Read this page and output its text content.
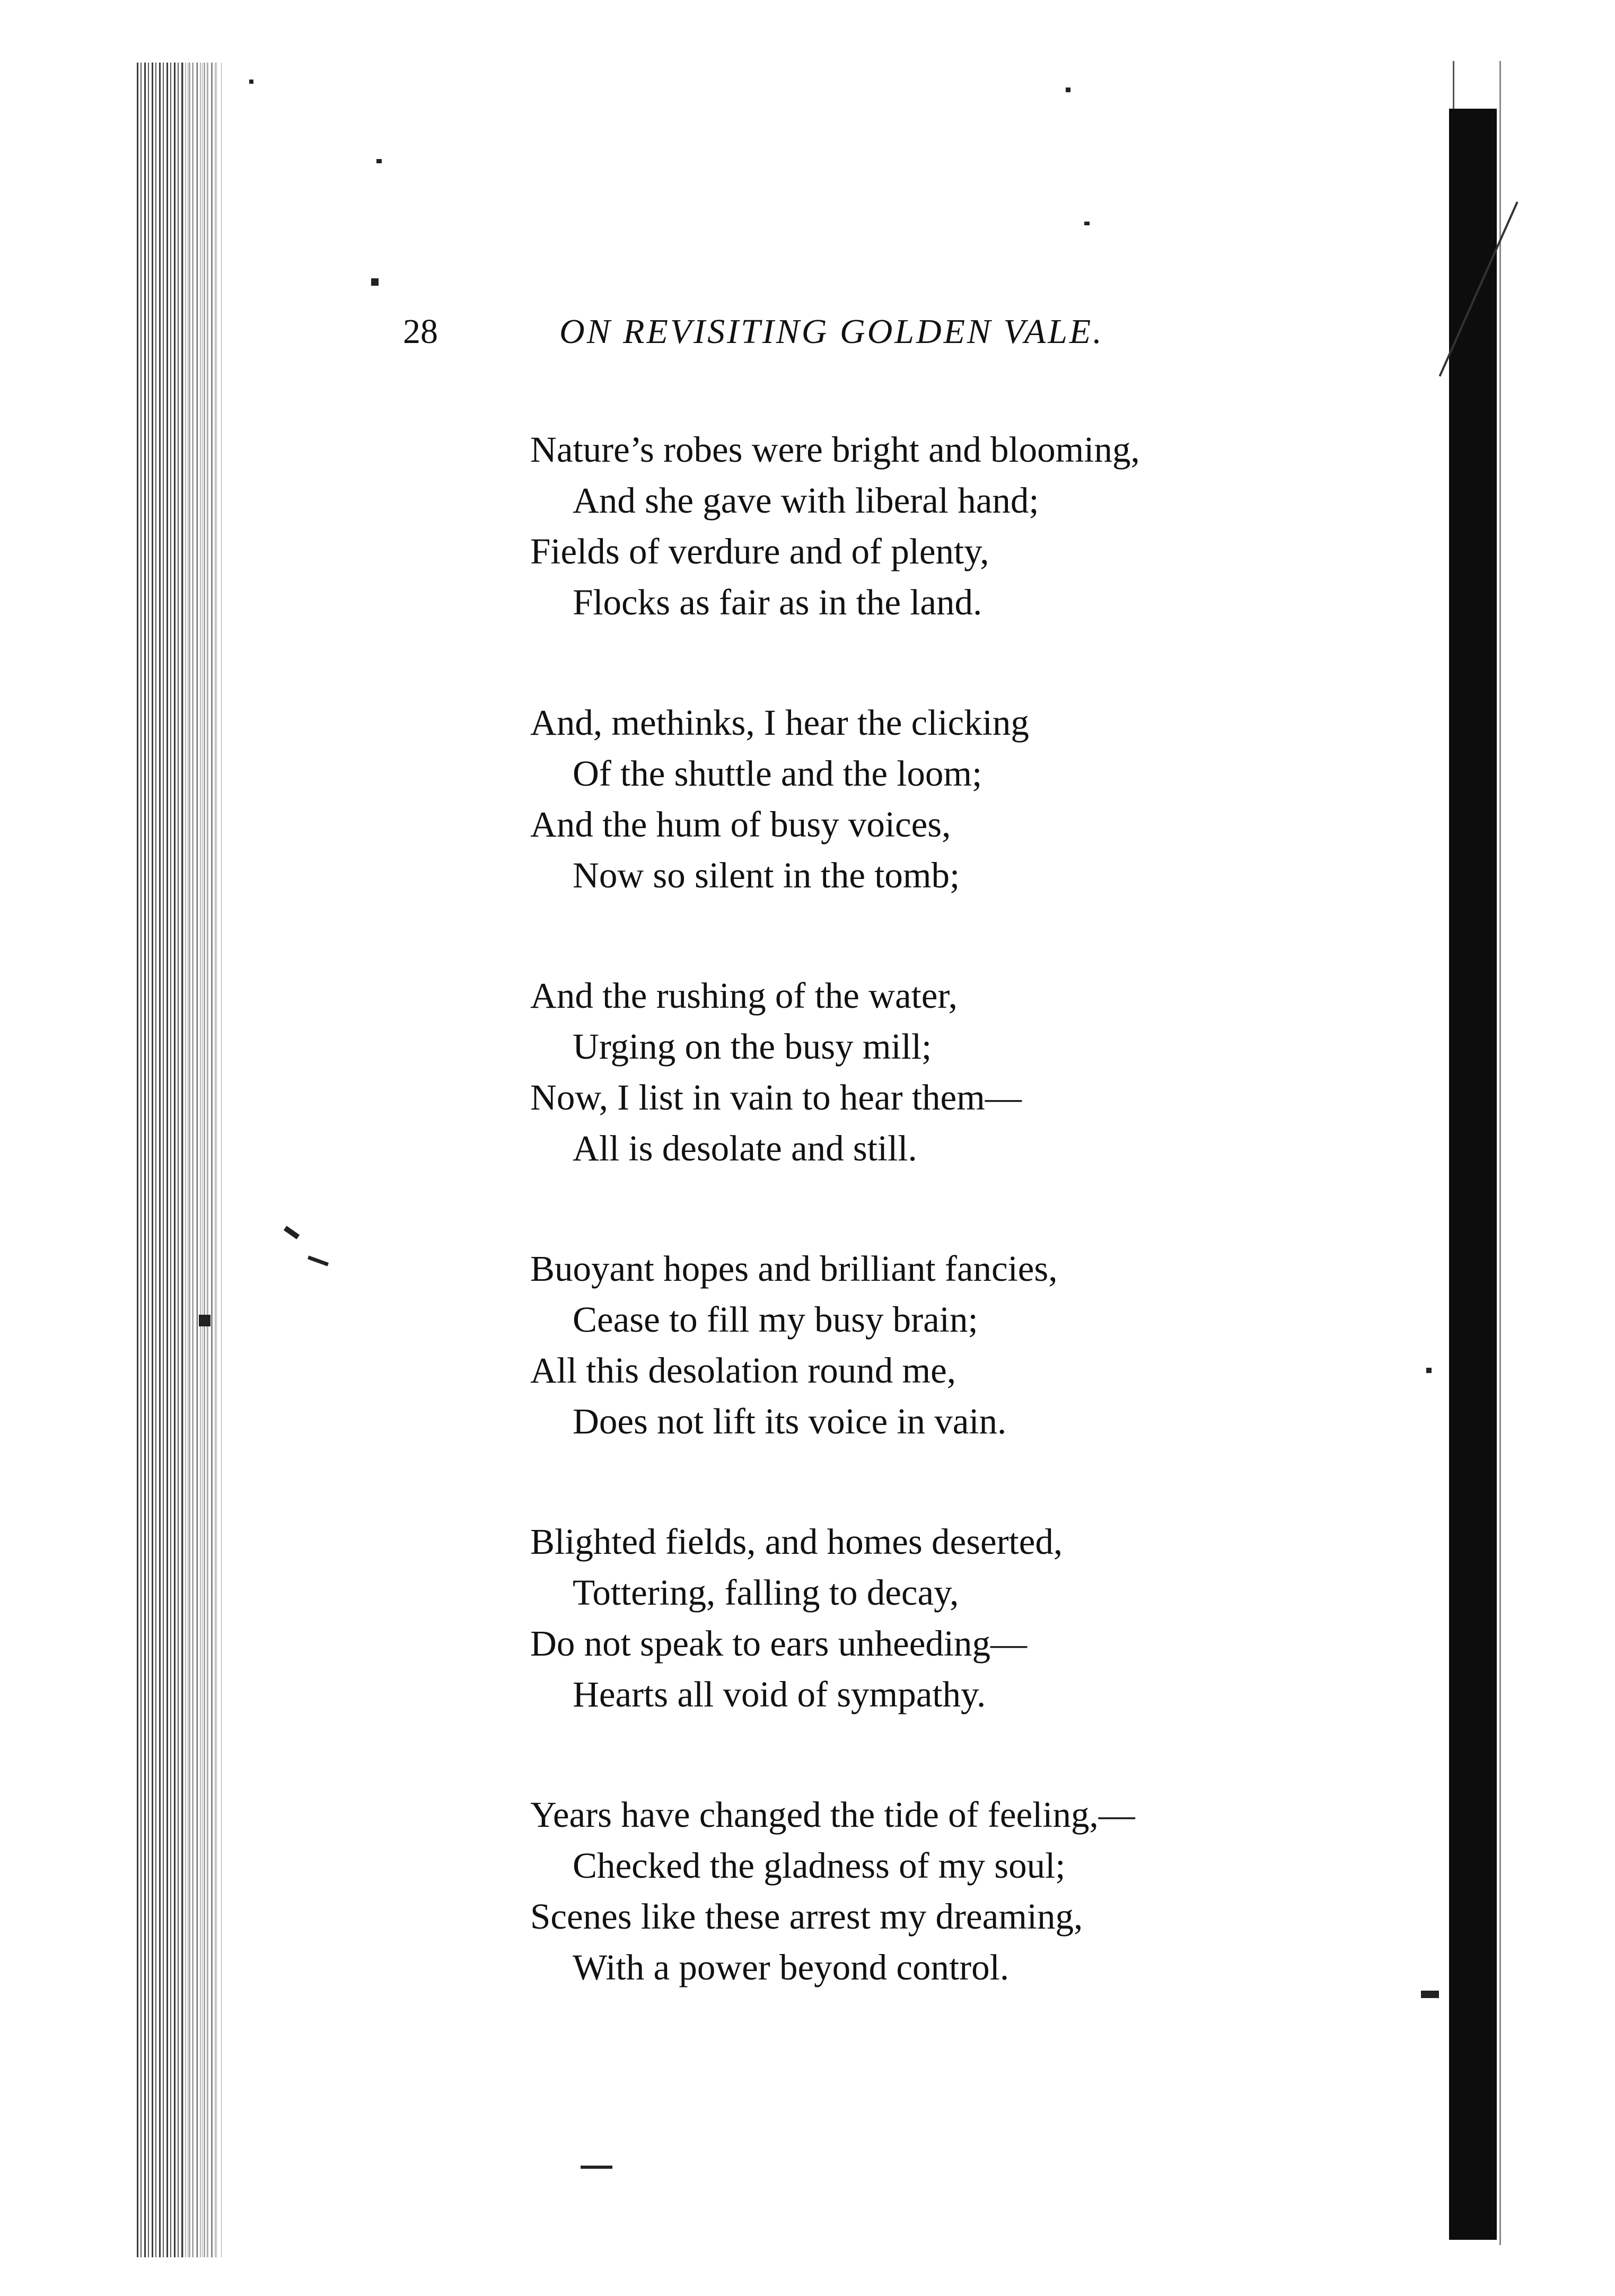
28	ON REVISITING GOLDEN VALE.
Nature’s robes were bright and blooming,
And she gave with liberal hand;
Fields of verdure and of plenty,
Flocks as fair as in the land.
And, methinks, I hear the clicking
Of the shuttle and the loom;
And the hum of busy voices,
Now so silent in the tomb;
And the rushing of the water,
Urging on the busy mill;
Now, I list in vain to hear them—
All is desolate and still.
Buoyant hopes and brilliant fancies,
Cease to fill my busy brain;
All this desolation round me,
Does not lift its voice in vain.
Blighted fields, and homes deserted,
Tottering, falling to decay,
Do not speak to ears unheeding—
Hearts all void of sympathy.
Years have changed the tide of feeling,—
Checked the gladness of my soul;
Scenes like these arrest my dreaming,
With a power beyond control.
